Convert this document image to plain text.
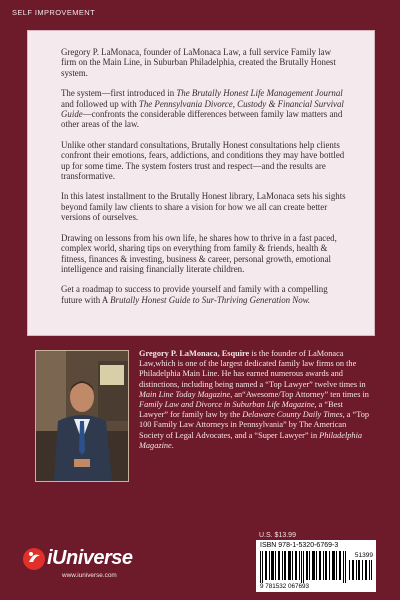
SELF IMPROVEMENT

Gregory P. LaMonaca, founder of LaMonaca Law, a full service Family law firm on the Main Line, in Suburban Philadelphia, created the Brutally Honest system.

The system—first introduced in The Brutally Honest Life Management Journal and followed up with The Pennsylvania Divorce, Custody & Financial Survival Guide—confronts the considerable differences between family law matters and other areas of the law.

Unlike other standard consultations, Brutally Honest consultations help clients confront their emotions, fears, addictions, and conditions they may have bottled up for some time. The system fosters trust and respect—and the results are transformative.

In this latest installment to the Brutally Honest library, LaMonaca sets his sights beyond family law clients to share a vision for how we all can create better versions of ourselves.

Drawing on lessons from his own life, he shares how to thrive in a fast paced, complex world, sharing tips on everything from family & friends, health & fitness, finances & investing, business & career, personal growth, emotional intelligence and raising financially literate children.

Get a roadmap to success to provide yourself and family with a compelling future with A Brutally Honest Guide to Sur-Thriving Generation Now.

Gregory P. LaMonaca, Esquire is the founder of LaMonaca Law,which is one of the largest dedicated family law firms on the Philadelphia Main Line. He has earned numerous awards and distinctions, including being named a “Top Lawyer” twelve times in Main Line Today Magazine, an“Awesome/Top Attorney” ten times in Family Law and Divorce in Suburban Life Magazine, a “Best Lawyer” for family law by the Delaware County Daily Times, a “Top 100 Family Law Attorneys in Pennsylvania” by The American Society of Legal Advocates, and a “Super Lawyer” in Philadelphia Magazine.
U.S. $13.99
ISBN 978-1-5320-6769-3
51399
9 781532 067693
iUniverse
www.iuniverse.com
